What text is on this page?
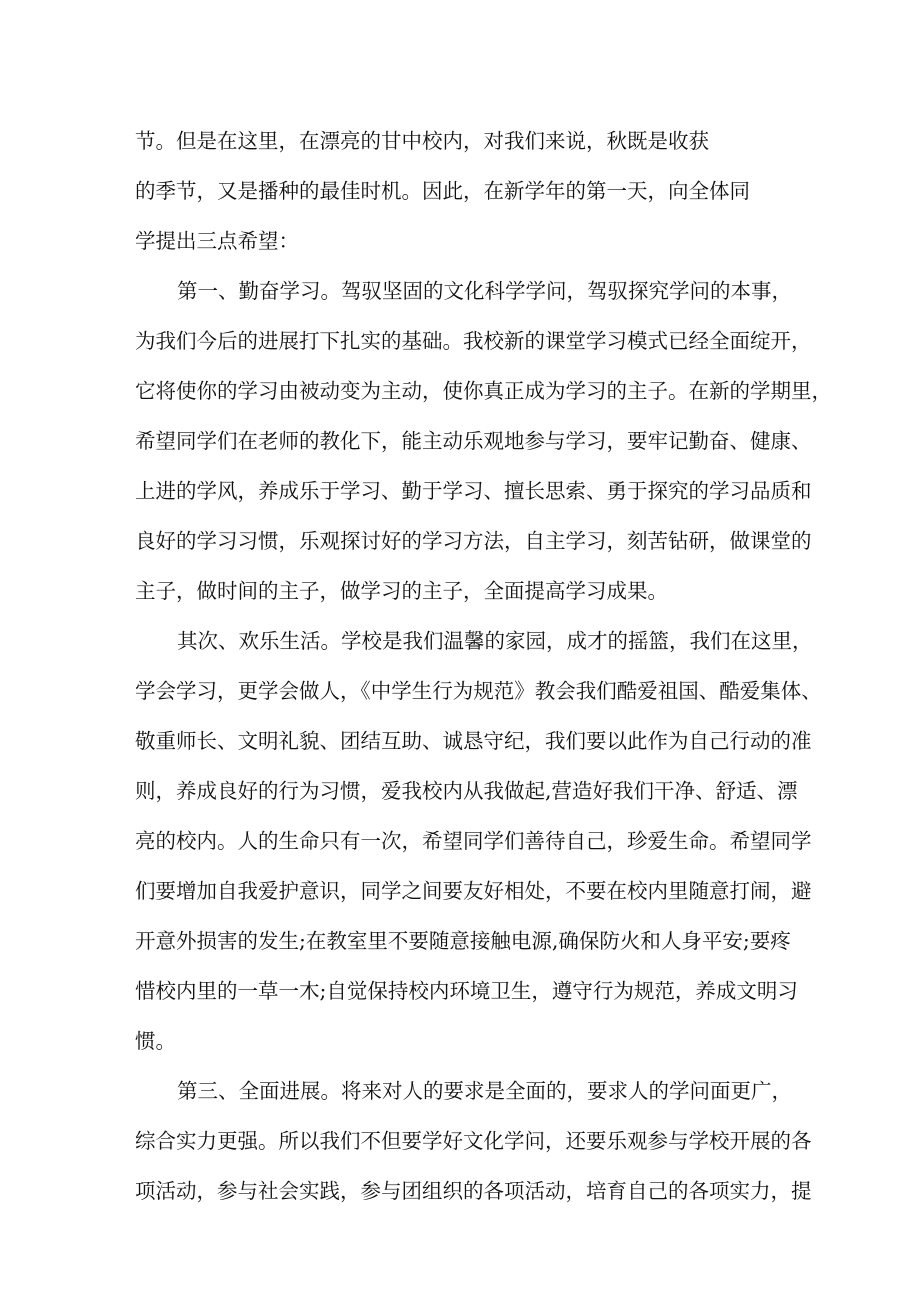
节。但是在这里，在漂亮的甘中校内，对我们来说，秋既是收获
的季节，又是播种的最佳时机。因此，在新学年的第一天，向全体同
学提出三点希望：
第一、勤奋学习。驾驭坚固的文化科学学问，驾驭探究学问的本事，
为我们今后的进展打下扎实的基础。我校新的课堂学习模式已经全面绽开，
它将使你的学习由被动变为主动，使你真正成为学习的主子。在新的学期里，
希望同学们在老师的教化下，能主动乐观地参与学习，要牢记勤奋、健康、
上进的学风，养成乐于学习、勤于学习、擅长思索、勇于探究的学习品质和
良好的学习习惯，乐观探讨好的学习方法，自主学习，刻苦钻研，做课堂的
主子，做时间的主子，做学习的主子，全面提高学习成果。
其次、欢乐生活。学校是我们温馨的家园，成才的摇篮，我们在这里，
学会学习，更学会做人，《中学生行为规范》教会我们酷爱祖国、酷爱集体、
敬重师长、文明礼貌、团结互助、诚恳守纪，我们要以此作为自己行动的准
则，养成良好的行为习惯，爱我校内从我做起,营造好我们干净、舒适、漂
亮的校内。人的生命只有一次，希望同学们善待自己，珍爱生命。希望同学
们要增加自我爱护意识，同学之间要友好相处，不要在校内里随意打闹，避
开意外损害的发生;在教室里不要随意接触电源,确保防火和人身平安;要疼
惜校内里的一草一木;自觉保持校内环境卫生，遵守行为规范，养成文明习
惯。
第三、全面进展。将来对人的要求是全面的，要求人的学问面更广，
综合实力更强。所以我们不但要学好文化学问，还要乐观参与学校开展的各
项活动，参与社会实践，参与团组织的各项活动，培育自己的各项实力，提
